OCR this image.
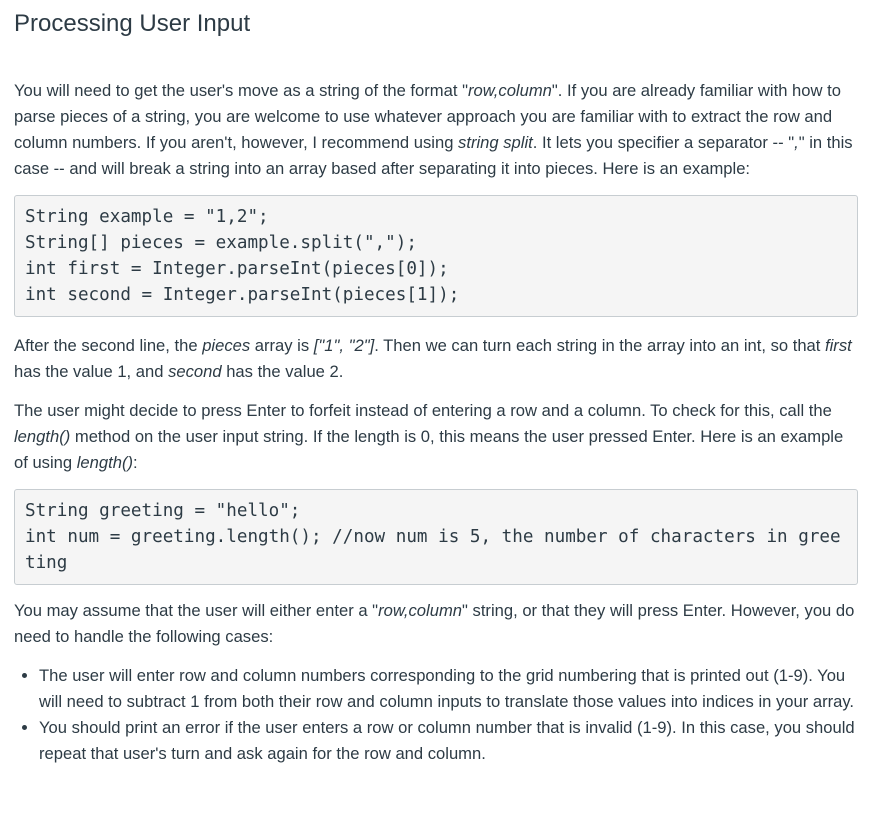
Processing User Input

You will need to get the user's move as a string of the format "row,column". If you are already familiar with how to parse pieces of a string, you are welcome to use whatever approach you are familiar with to extract the row and column numbers. If you aren't, however, I recommend using string split. It lets you specifier a separator -- "," in this case -- and will break a string into an array based after separating it into pieces. Here is an example:

String example = "1,2";
String[] pieces = example.split(",");
int first = Integer.parseInt(pieces[0]);
int second = Integer.parseInt(pieces[1]);

After the second line, the pieces array is ["1", "2"]. Then we can turn each string in the array into an int, so that first has the value 1, and second has the value 2.

The user might decide to press Enter to forfeit instead of entering a row and a column. To check for this, call the length() method on the user input string. If the length is 0, this means the user pressed Enter. Here is an example of using length():

String greeting = "hello";
int num = greeting.length(); //now num is 5, the number of characters in greeting

You may assume that the user will either enter a "row,column" string, or that they will press Enter. However, you do need to handle the following cases:

• The user will enter row and column numbers corresponding to the grid numbering that is printed out (1-9). You will need to subtract 1 from both their row and column inputs to translate those values into indices in your array.
• You should print an error if the user enters a row or column number that is invalid (1-9). In this case, you should repeat that user's turn and ask again for the row and column.
